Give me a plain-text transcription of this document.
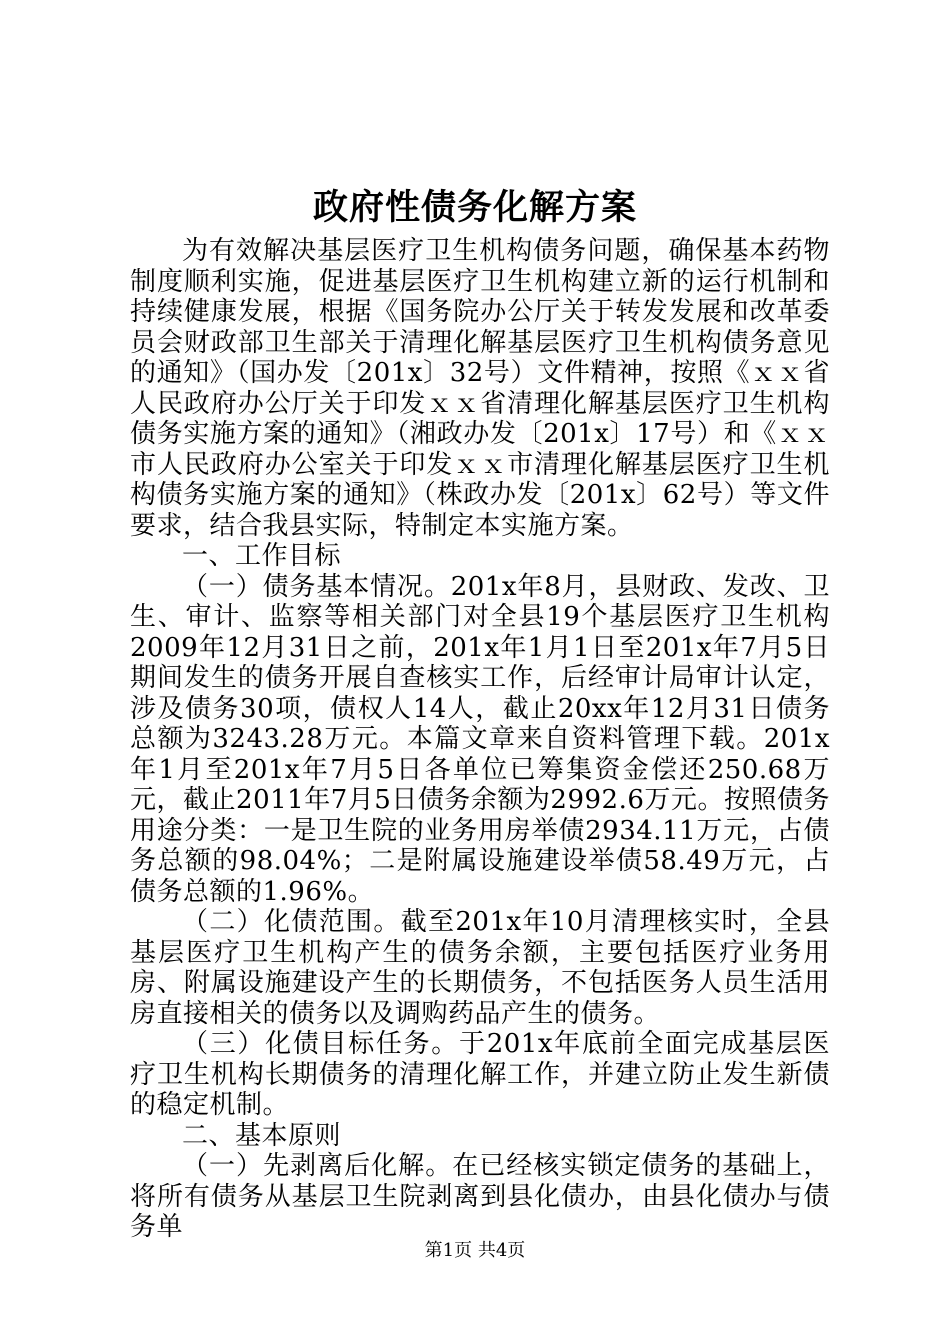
政府性债务化解方案

为有效解决基层医疗卫生机构债务问题，确保基本药物制度顺利实施，促进基层医疗卫生机构建立新的运行机制和持续健康发展，根据《国务院办公厅关于转发发展和改革委员会财政部卫生部关于清理化解基层医疗卫生机构债务意见的通知》（国办发〔201x〕32号）文件精神，按照《ｘｘ省人民政府办公厅关于印发ｘｘ省清理化解基层医疗卫生机构债务实施方案的通知》（湘政办发〔201x〕17号）和《ｘｘ市人民政府办公室关于印发ｘｘ市清理化解基层医疗卫生机构债务实施方案的通知》（株政办发〔201x〕62号）等文件要求，结合我县实际，特制定本实施方案。

一、工作目标

（一）债务基本情况。201x年8月，县财政、发改、卫生、审计、监察等相关部门对全县19个基层医疗卫生机构2009年12月31日之前，201x年1月1日至201x年7月5日期间发生的债务开展自查核实工作，后经审计局审计认定，涉及债务30项，债权人14人，截止20xx年12月31日债务总额为3243.28万元。本篇文章来自资料管理下载。201x年1月至201x年7月5日各单位已筹集资金偿还250.68万元，截止2011年7月5日债务余额为2992.6万元。按照债务用途分类：一是卫生院的业务用房举债2934.11万元，占债务总额的98.04%；二是附属设施建设举债58.49万元，占债务总额的1.96%。

（二）化债范围。截至201x年10月清理核实时，全县基层医疗卫生机构产生的债务余额，主要包括医疗业务用房、附属设施建设产生的长期债务，不包括医务人员生活用房直接相关的债务以及调购药品产生的债务。

（三）化债目标任务。于201x年底前全面完成基层医疗卫生机构长期债务的清理化解工作，并建立防止发生新债的稳定机制。

二、基本原则

（一）先剥离后化解。在已经核实锁定债务的基础上，将所有债务从基层卫生院剥离到县化债办，由县化债办与债务单

第1页 共4页
